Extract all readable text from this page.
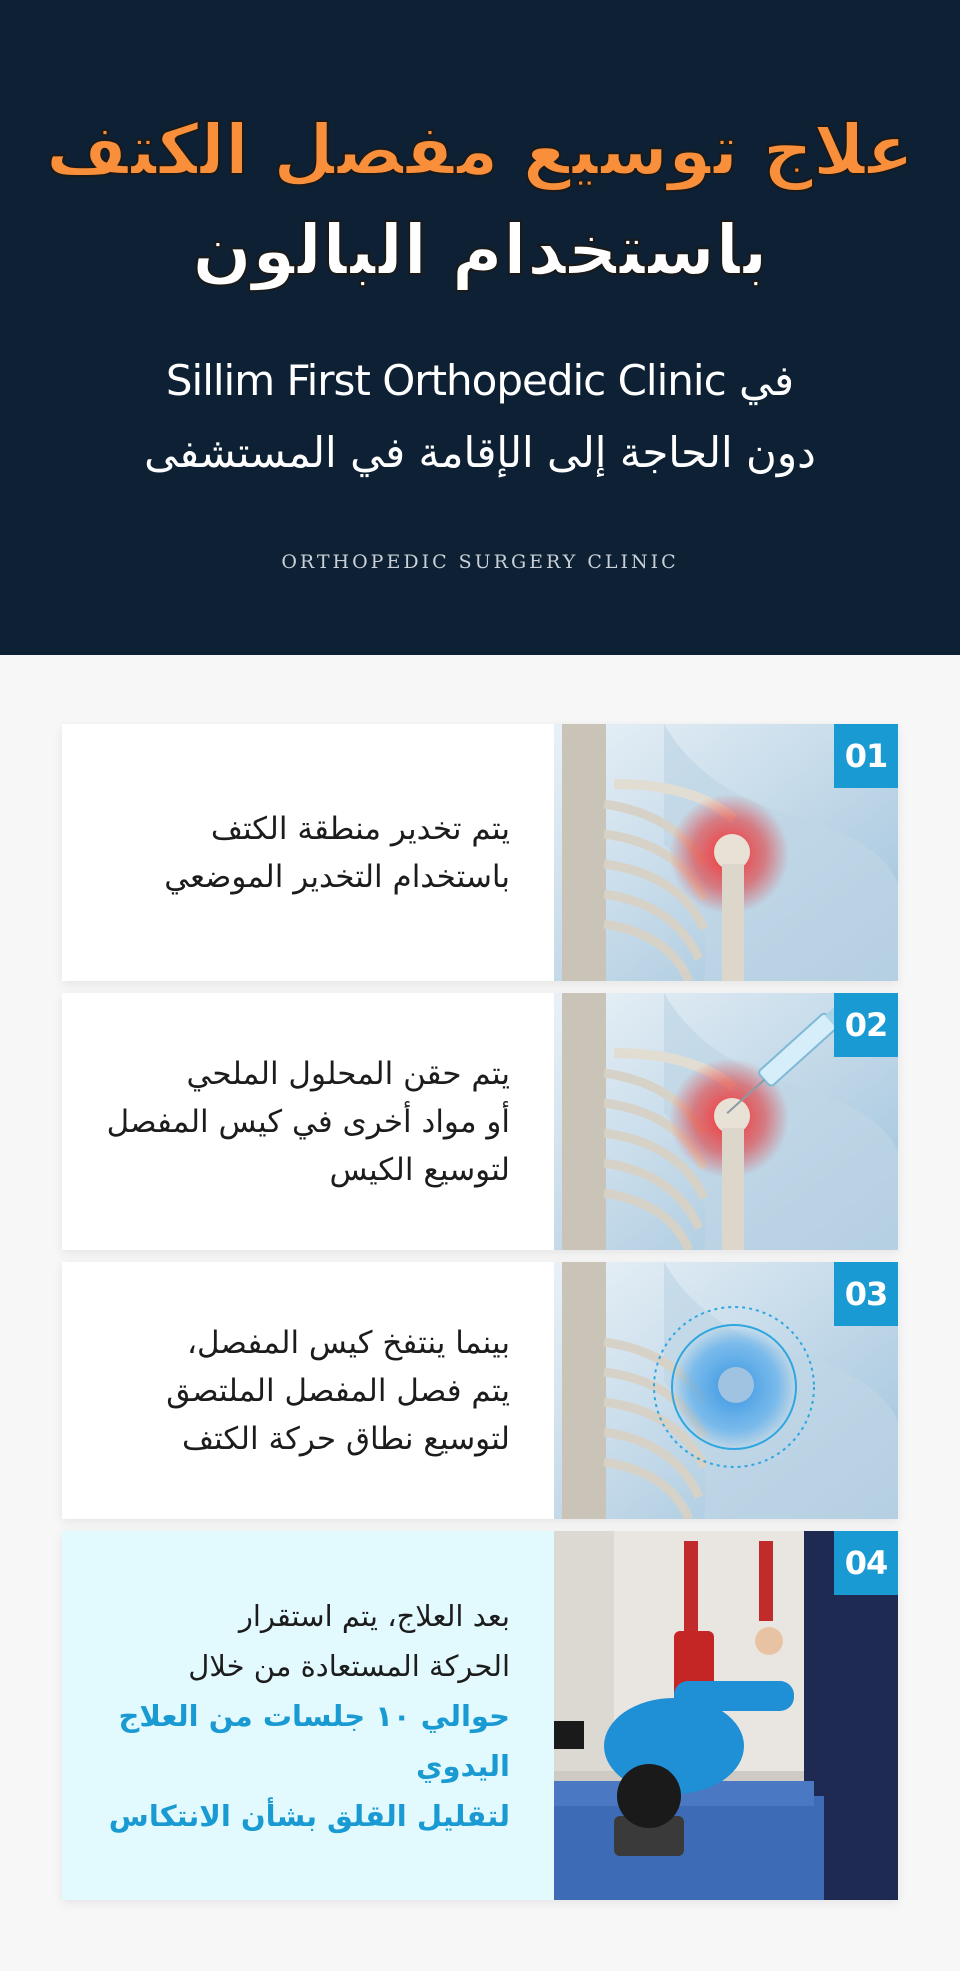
علاج توسيع مفصل الكتف
باستخدام البالون
في Sillim First Orthopedic Clinic
دون الحاجة إلى الإقامة في المستشفى
ORTHOPEDIC SURGERY CLINIC
يتم تخدير منطقة الكتف
باستخدام التخدير الموضعي
01
يتم حقن المحلول الملحي
أو مواد أخرى في كيس المفصل
لتوسيع الكيس
02
بينما ينتفخ كيس المفصل،
يتم فصل المفصل الملتصق
لتوسيع نطاق حركة الكتف
03
بعد العلاج، يتم استقرار
الحركة المستعادة من خلال
حوالي ١٠ جلسات من العلاج اليدوي
لتقليل القلق بشأن الانتكاس
04
